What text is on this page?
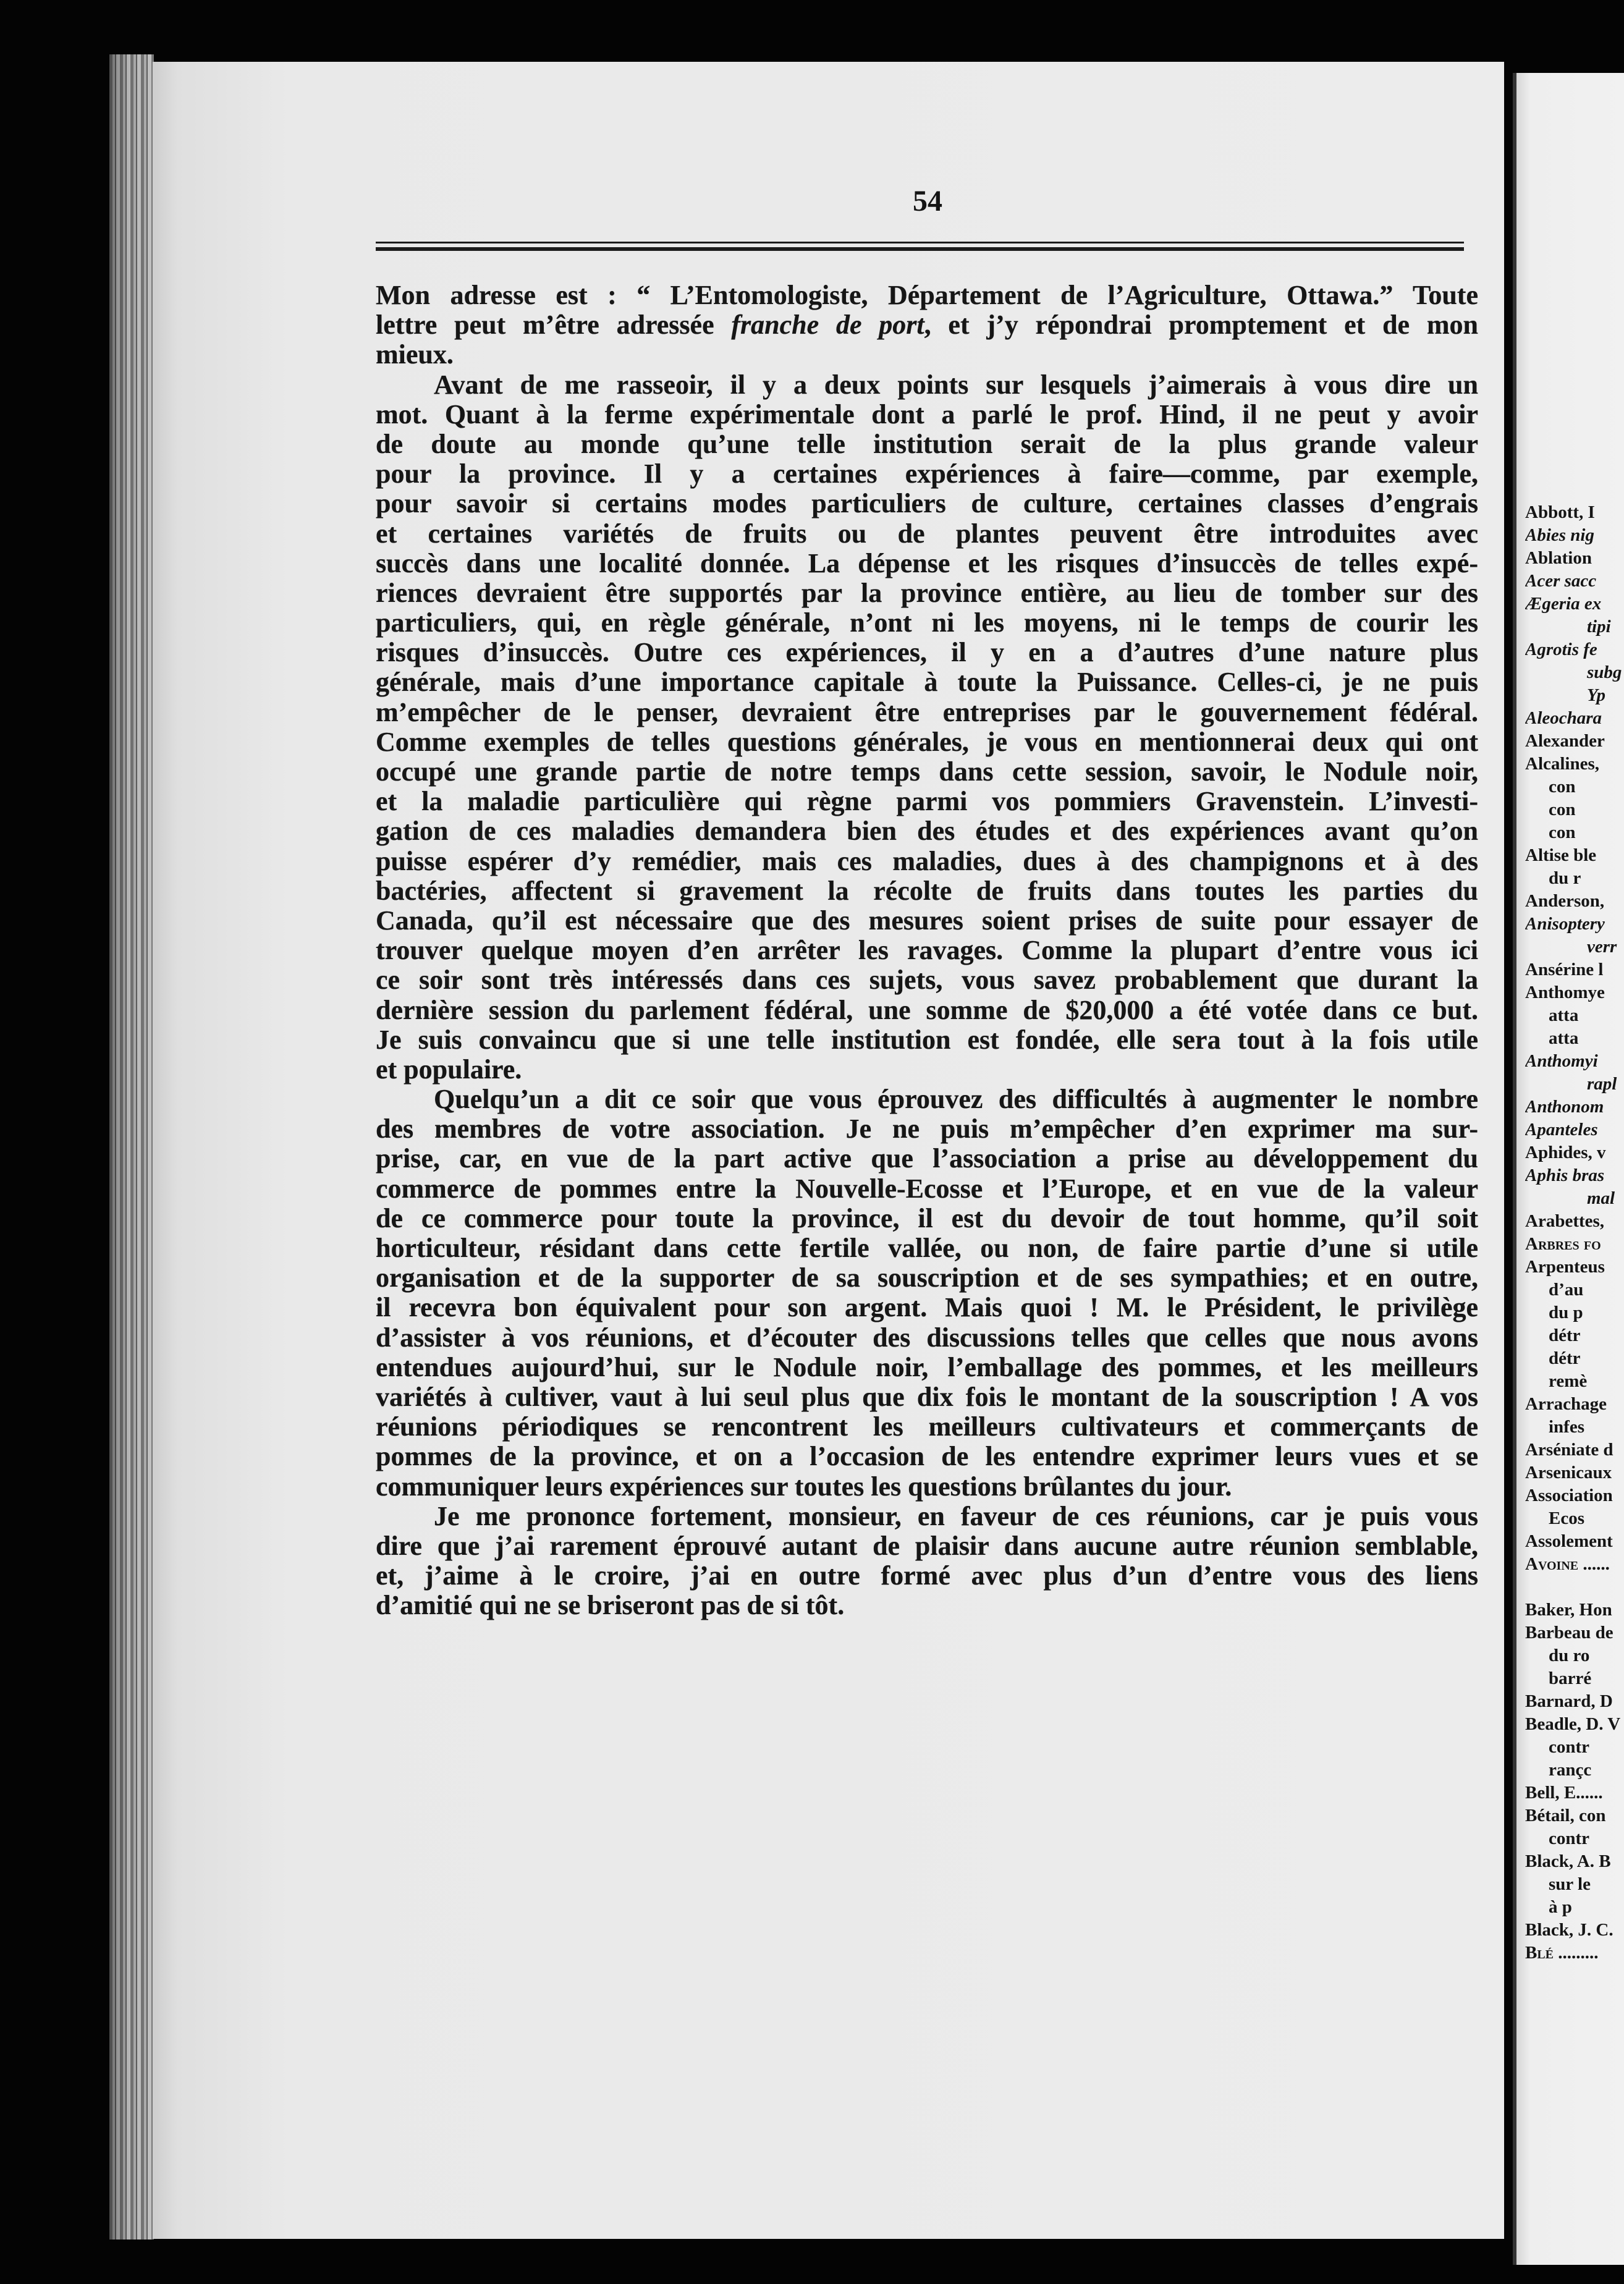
54
Mon adresse est : “ L’Entomologiste, Département de l’Agriculture, Ottawa.” Toute
lettre peut m’être adressée franche de port, et j’y répondrai promptement et de mon
mieux.
Avant de me rasseoir, il y a deux points sur lesquels j’aimerais à vous dire un
mot. Quant à la ferme expérimentale dont a parlé le prof. Hind, il ne peut y avoir
de doute au monde qu’une telle institution serait de la plus grande valeur
pour la province. Il y a certaines expériences à faire—comme, par exemple,
pour savoir si certains modes particuliers de culture, certaines classes d’engrais
et certaines variétés de fruits ou de plantes peuvent être introduites avec
succès dans une localité donnée. La dépense et les risques d’insuccès de telles expé-
riences devraient être supportés par la province entière, au lieu de tomber sur des
particuliers, qui, en règle générale, n’ont ni les moyens, ni le temps de courir les
risques d’insuccès. Outre ces expériences, il y en a d’autres d’une nature plus
générale, mais d’une importance capitale à toute la Puissance. Celles-ci, je ne puis
m’empêcher de le penser, devraient être entreprises par le gouvernement fédéral.
Comme exemples de telles questions générales, je vous en mentionnerai deux qui ont
occupé une grande partie de notre temps dans cette session, savoir, le Nodule noir,
et la maladie particulière qui règne parmi vos pommiers Gravenstein. L’investi-
gation de ces maladies demandera bien des études et des expériences avant qu’on
puisse espérer d’y remédier, mais ces maladies, dues à des champignons et à des
bactéries, affectent si gravement la récolte de fruits dans toutes les parties du
Canada, qu’il est nécessaire que des mesures soient prises de suite pour essayer de
trouver quelque moyen d’en arrêter les ravages. Comme la plupart d’entre vous ici
ce soir sont très intéressés dans ces sujets, vous savez probablement que durant la
dernière session du parlement fédéral, une somme de $20,000 a été votée dans ce but.
Je suis convaincu que si une telle institution est fondée, elle sera tout à la fois utile
et populaire.
Quelqu’un a dit ce soir que vous éprouvez des difficultés à augmenter le nombre
des membres de votre association. Je ne puis m’empêcher d’en exprimer ma sur-
prise, car, en vue de la part active que l’association a prise au développement du
commerce de pommes entre la Nouvelle-Ecosse et l’Europe, et en vue de la valeur
de ce commerce pour toute la province, il est du devoir de tout homme, qu’il soit
horticulteur, résidant dans cette fertile vallée, ou non, de faire partie d’une si utile
organisation et de la supporter de sa souscription et de ses sympathies; et en outre,
il recevra bon équivalent pour son argent. Mais quoi ! M. le Président, le privilège
d’assister à vos réunions, et d’écouter des discussions telles que celles que nous avons
entendues aujourd’hui, sur le Nodule noir, l’emballage des pommes, et les meilleurs
variétés à cultiver, vaut à lui seul plus que dix fois le montant de la souscription ! A vos
réunions périodiques se rencontrent les meilleurs cultivateurs et commerçants de
pommes de la province, et on a l’occasion de les entendre exprimer leurs vues et se
communiquer leurs expériences sur toutes les questions brûlantes du jour.
Je me prononce fortement, monsieur, en faveur de ces réunions, car je puis vous
dire que j’ai rarement éprouvé autant de plaisir dans aucune autre réunion semblable,
et, j’aime à le croire, j’ai en outre formé avec plus d’un d’entre vous des liens
d’amitié qui ne se briseront pas de si tôt.
Abbott, I
Abies nig
Ablation
Acer sacc
Ægeria ex
tipi
Agrotis fe
subg
Yp
Aleochara
Alexander
Alcalines,
con
con
con
Altise ble
du r
Anderson,
Anisoptery
verr
Ansérine l
Anthomye
atta
atta
Anthomyi
rapl
Anthonom
Apanteles
Aphides, v
Aphis bras
mal
Arabettes,
Arbres fo
Arpenteus
d’au
du p
détr
détr
remè
Arrachage
infes
Arséniate d
Arsenicaux
Association
Ecos
Assolement
Avoine ......
Baker, Hon
Barbeau de
du ro
barré
Barnard, D
Beadle, D. V
contr
rançc
Bell, E......
Bétail, con
contr
Black, A. B
sur le
à p
Black, J. C.
Blé .........
